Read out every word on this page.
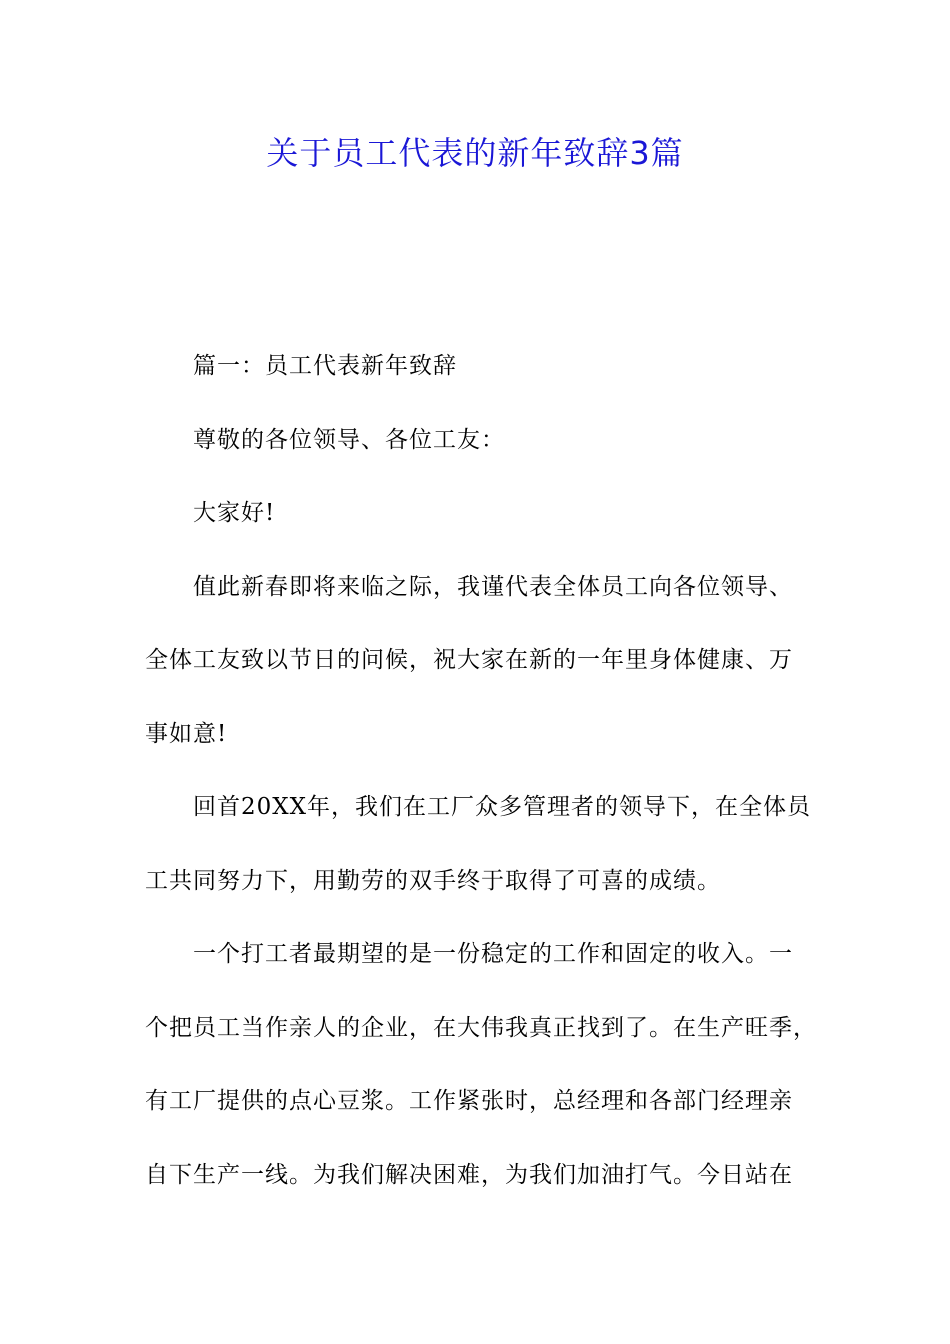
关于员工代表的新年致辞3篇
篇一：员工代表新年致辞
尊敬的各位领导、各位工友：
大家好!
值此新春即将来临之际，我谨代表全体员工向各位领导、
全体工友致以节日的问候，祝大家在新的一年里身体健康、万
事如意!
回首20XX年，我们在工厂众多管理者的领导下，在全体员
工共同努力下，用勤劳的双手终于取得了可喜的成绩。
一个打工者最期望的是一份稳定的工作和固定的收入。一
个把员工当作亲人的企业，在大伟我真正找到了。在生产旺季，
有工厂提供的点心豆浆。工作紧张时，总经理和各部门经理亲
自下生产一线。为我们解决困难，为我们加油打气。今日站在
